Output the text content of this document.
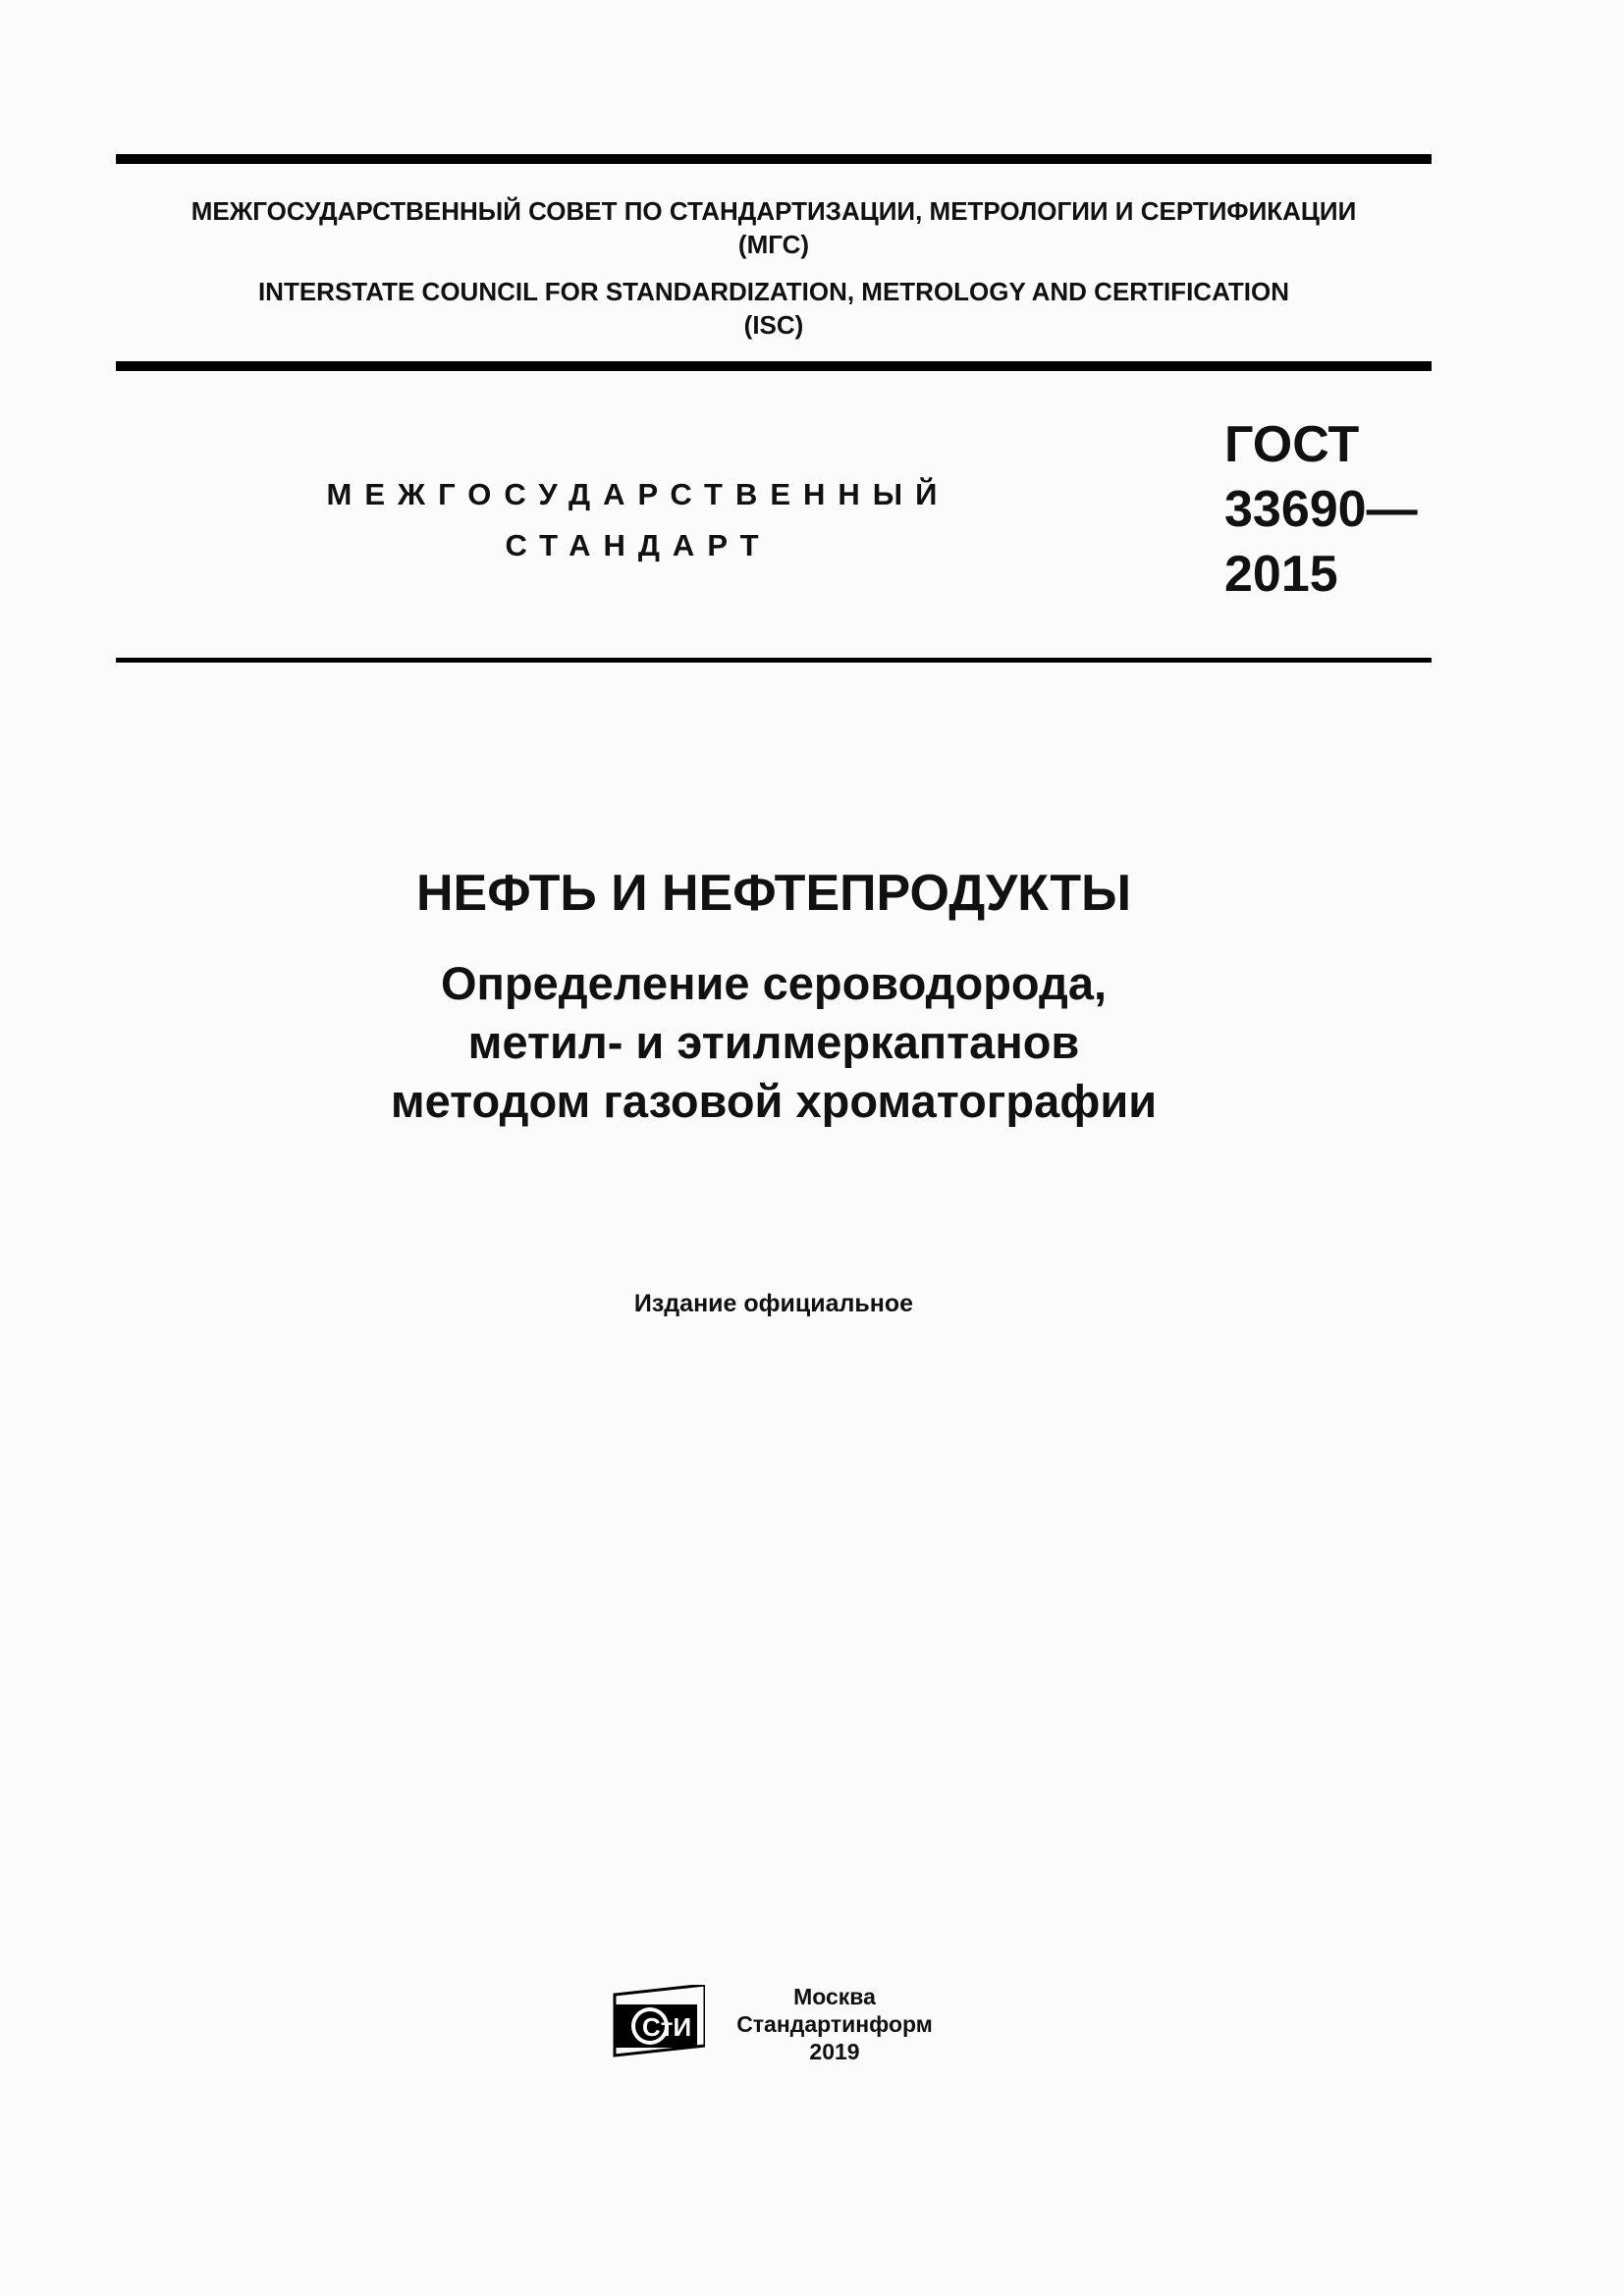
МЕЖГОСУДАРСТВЕННЫЙ СОВЕТ ПО СТАНДАРТИЗАЦИИ, МЕТРОЛОГИИ И СЕРТИФИКАЦИИ
(МГС)
INTERSTATE COUNCIL FOR STANDARDIZATION, METROLOGY AND CERTIFICATION
(ISC)
МЕЖГОСУДАРСТВЕННЫЙ
СТАНДАРТ
ГОСТ
33690—
2015
НЕФТЬ И НЕФТЕПРОДУКТЫ
Определение сероводорода,
метил- и этилмеркаптанов
методом газовой хроматографии
Издание официальное
СтИ
Москва
Стандартинформ
2019
